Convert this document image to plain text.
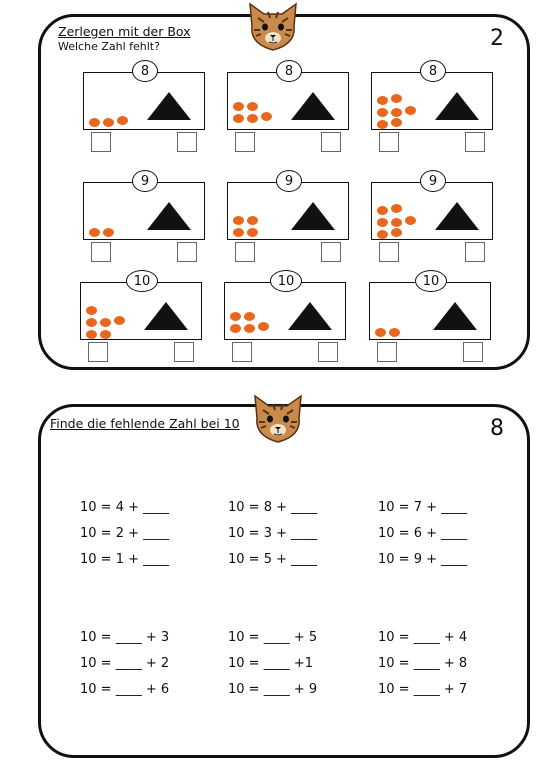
Zerlegen mit der Box
Welche Zahl fehlt?	2
8	8	8
9	9	9
10	10	10
Finde die fehlende Zahl bei 10	8
10 = 4 + ____
10 = 2 + ____
10 = 1 + ____
10 = ____ + 3
10 = ____ + 2
10 = ____ + 6
10 = 8 + ____
10 = 3 + ____
10 = 5 + ____
10 = ____ + 5
10 = ____ +1
10 = ____ + 9
10 = 7 + ____
10 = 6 + ____
10 = 9 + ____
10 = ____ + 4
10 = ____ + 8
10 = ____ + 7
